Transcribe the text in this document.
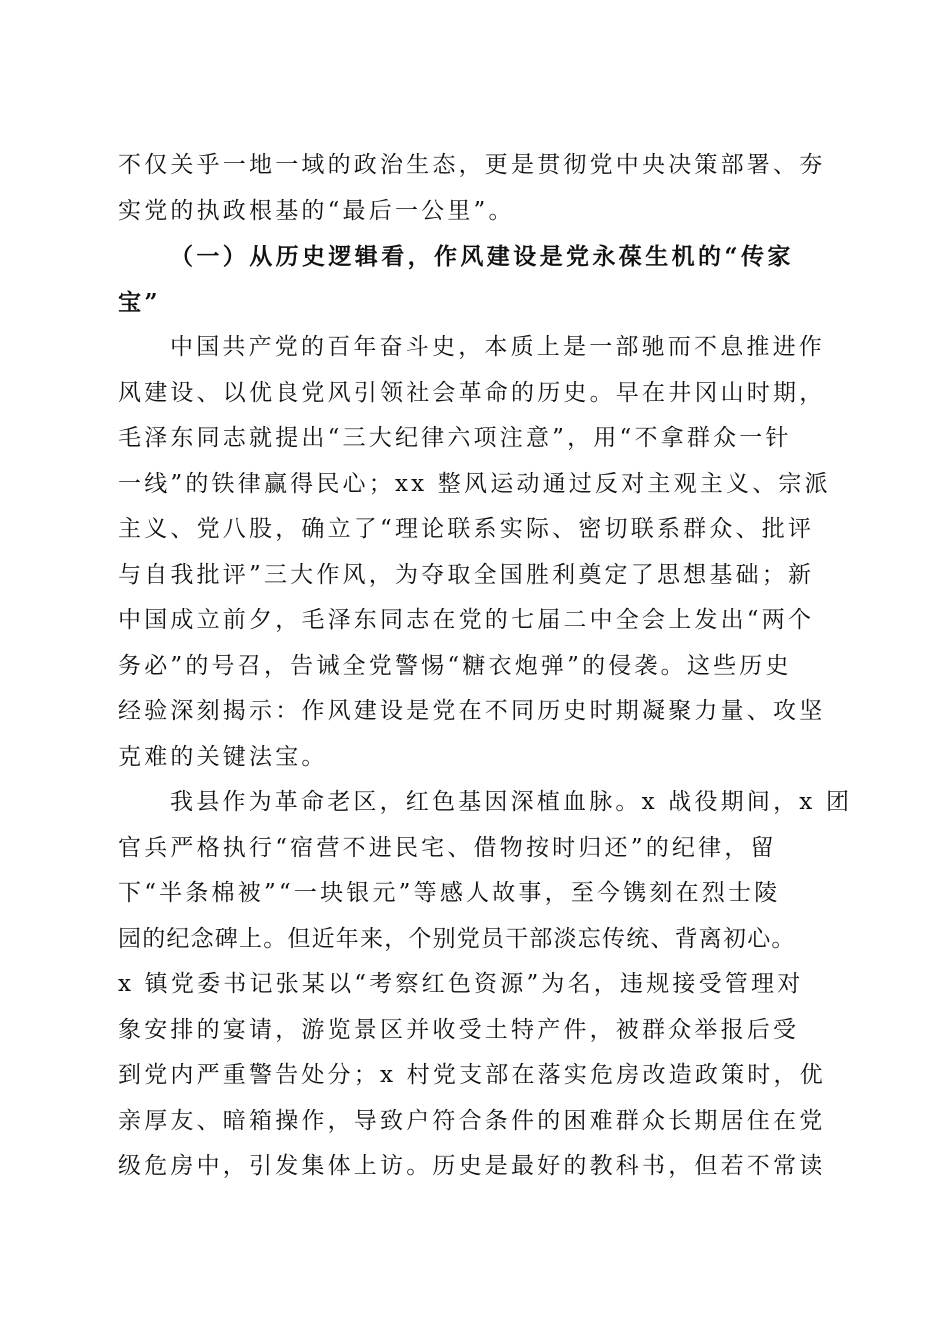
不仅关乎一地一域的政治生态，更是贯彻党中央决策部署、夯
实党的执政根基的“最后一公里”。
（一）从历史逻辑看，作风建设是党永葆生机的“传家
宝”
中国共产党的百年奋斗史，本质上是一部驰而不息推进作
风建设、以优良党风引领社会革命的历史。早在井冈山时期，
毛泽东同志就提出“三大纪律六项注意”，用“不拿群众一针
一线”的铁律赢得民心；xx 整风运动通过反对主观主义、宗派
主义、党八股，确立了“理论联系实际、密切联系群众、批评
与自我批评”三大作风，为夺取全国胜利奠定了思想基础；新
中国成立前夕，毛泽东同志在党的七届二中全会上发出“两个
务必”的号召，告诫全党警惕“糖衣炮弹”的侵袭。这些历史
经验深刻揭示：作风建设是党在不同历史时期凝聚力量、攻坚
克难的关键法宝。
我县作为革命老区，红色基因深植血脉。x 战役期间，x 团
官兵严格执行“宿营不进民宅、借物按时归还”的纪律，留
下“半条棉被”“一块银元”等感人故事，至今镌刻在烈士陵
园的纪念碑上。但近年来，个别党员干部淡忘传统、背离初心。
x 镇党委书记张某以“考察红色资源”为名，违规接受管理对
象安排的宴请，游览景区并收受土特产件，被群众举报后受
到党内严重警告处分；x 村党支部在落实危房改造政策时，优
亲厚友、暗箱操作，导致户符合条件的困难群众长期居住在党
级危房中，引发集体上访。历史是最好的教科书，但若不常读
